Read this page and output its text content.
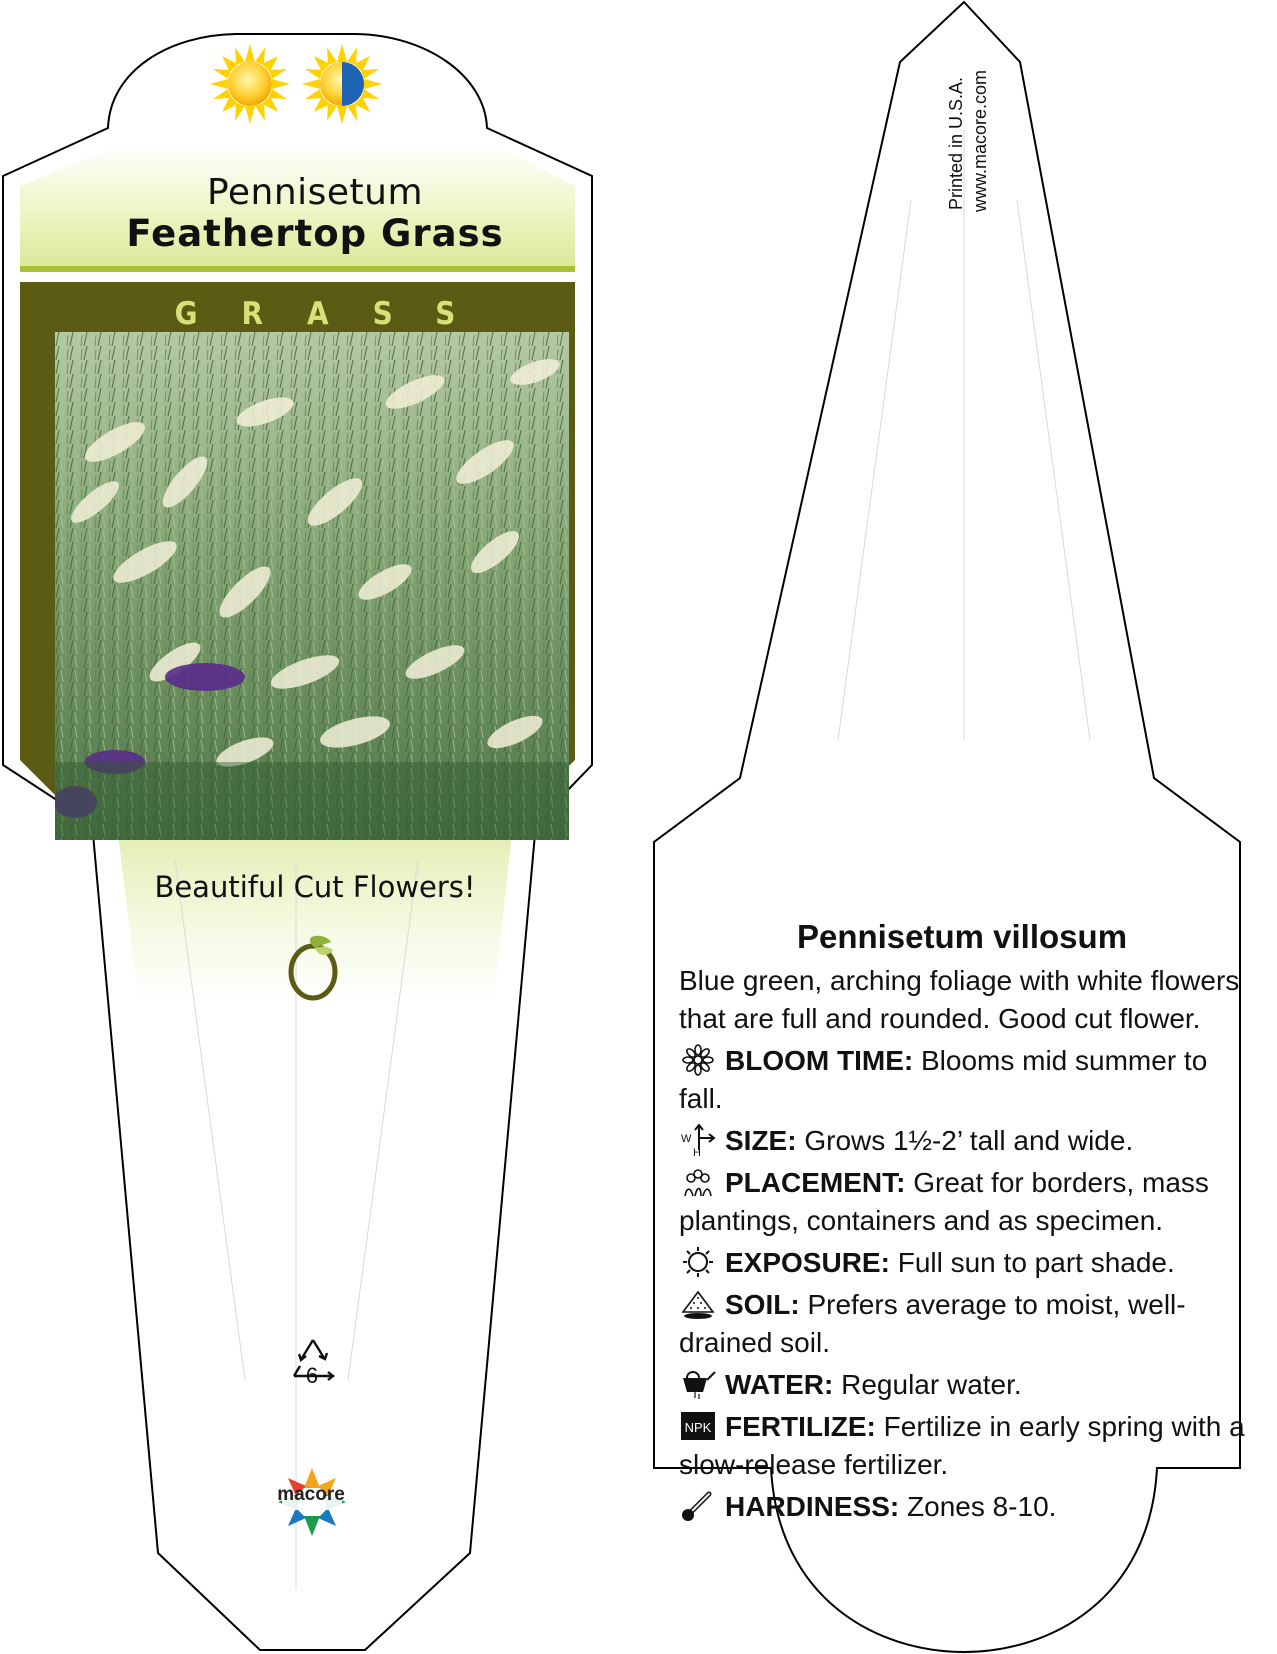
Pennisetum
Feathertop Grass
GRASS
Beautiful Cut Flowers!
6
macore
Printed in U.S.A. www.macore.com
Pennisetum villosum
Blue green, arching foliage with white flowers that are full and rounded. Good cut flower.
BLOOM TIME: Blooms mid summer to fall.
W
H SIZE: Grows 1½-2’ tall and wide.
PLACEMENT: Great for borders, mass plantings, containers and as specimen.
EXPOSURE: Full sun to part shade.
SOIL: Prefers average to moist, well-drained soil.
WATER: Regular water.
NPK FERTILIZE: Fertilize in early spring with a slow-release fertilizer.
HARDINESS: Zones 8-10.
